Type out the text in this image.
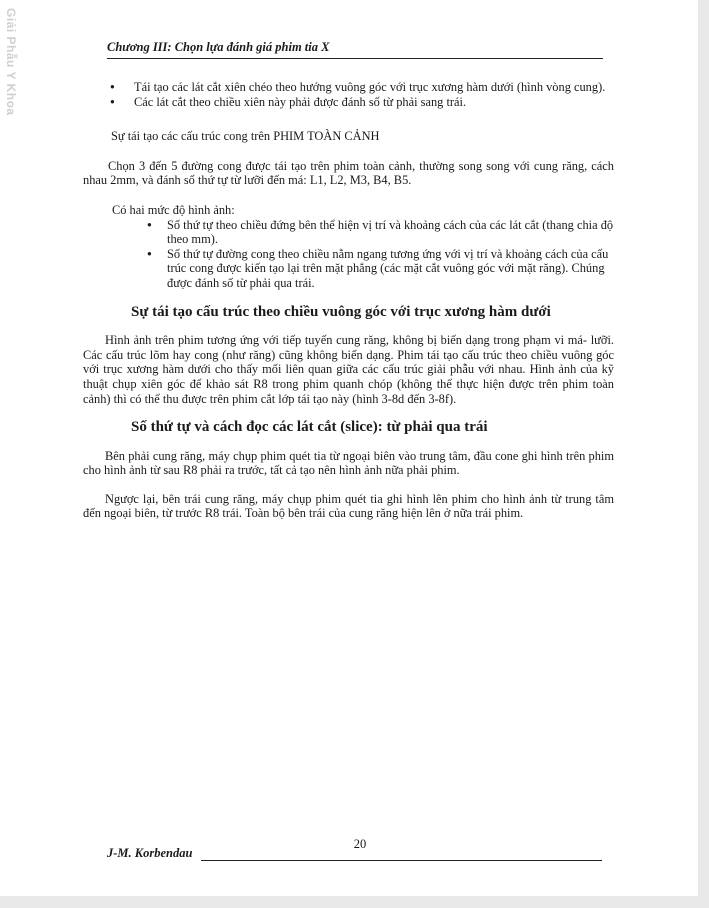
Giải Phẫu Y Khoa	Chương III: Chọn lựa đánh giá phim tia X
● Tái tạo các lát cắt xiên chéo theo hướng vuông góc với trục xương hàm dưới (hình vòng cung).
● Các lát cắt theo chiều xiên này phải được đánh số từ phải sang trái.

Sự tái tạo các cấu trúc cong trên PHIM TOÀN CẢNH

Chọn 3 đến 5 đường cong được tái tạo trên phim toàn cảnh, thường song song với cung răng, cách nhau 2mm, và đánh số thứ tự từ lưỡi đến má: L1, L2, M3, B4, B5.

Có hai mức độ hình ảnh:

● Số thứ tự theo chiều đứng bên thể hiện vị trí và khoảng cách của các lát cắt (thang chia độ theo mm).
● Số thứ tự đường cong theo chiều nằm ngang tương ứng với vị trí và khoảng cách của cấu trúc cong được kiến tạo lại trên mặt phẳng (các mặt cắt vuông góc với mặt răng). Chúng được đánh số từ phải qua trái.
Sự tái tạo cấu trúc theo chiều vuông góc với trục xương hàm dưới

Hình ảnh trên phim tương ứng với tiếp tuyến cung răng, không bị biến dạng trong phạm vi má- lưỡi. Các cấu trúc lõm hay cong (như răng) cũng không biến dạng. Phim tái tạo cấu trúc theo chiều vuông góc với trục xương hàm dưới cho thấy mối liên quan giữa các cấu trúc giải phẫu với nhau. Hình ảnh của kỹ thuật chụp xiên góc để khảo sát R8 trong phim quanh chóp (không thể thực hiện được trên phim toàn cảnh) thì có thể thu được trên phim cắt lớp tái tạo này (hình 3-8d đến 3-8f).

Số thứ tự và cách đọc các lát cắt (slice): từ phải qua trái

Bên phải cung răng, máy chụp phim quét tia từ ngoại biên vào trung tâm, đầu cone ghi hình trên phim cho hình ảnh từ sau R8 phải ra trước, tất cả tạo nên hình ảnh nữa phải phim.

Ngược lại, bên trái cung răng, máy chụp phim quét tia ghi hình lên phim cho hình ảnh từ trung tâm đến ngoại biên, từ trước R8 trái. Toàn bộ bên trái của cung răng hiện lên ở nữa trái phim.

20
J-M. Korbendau
